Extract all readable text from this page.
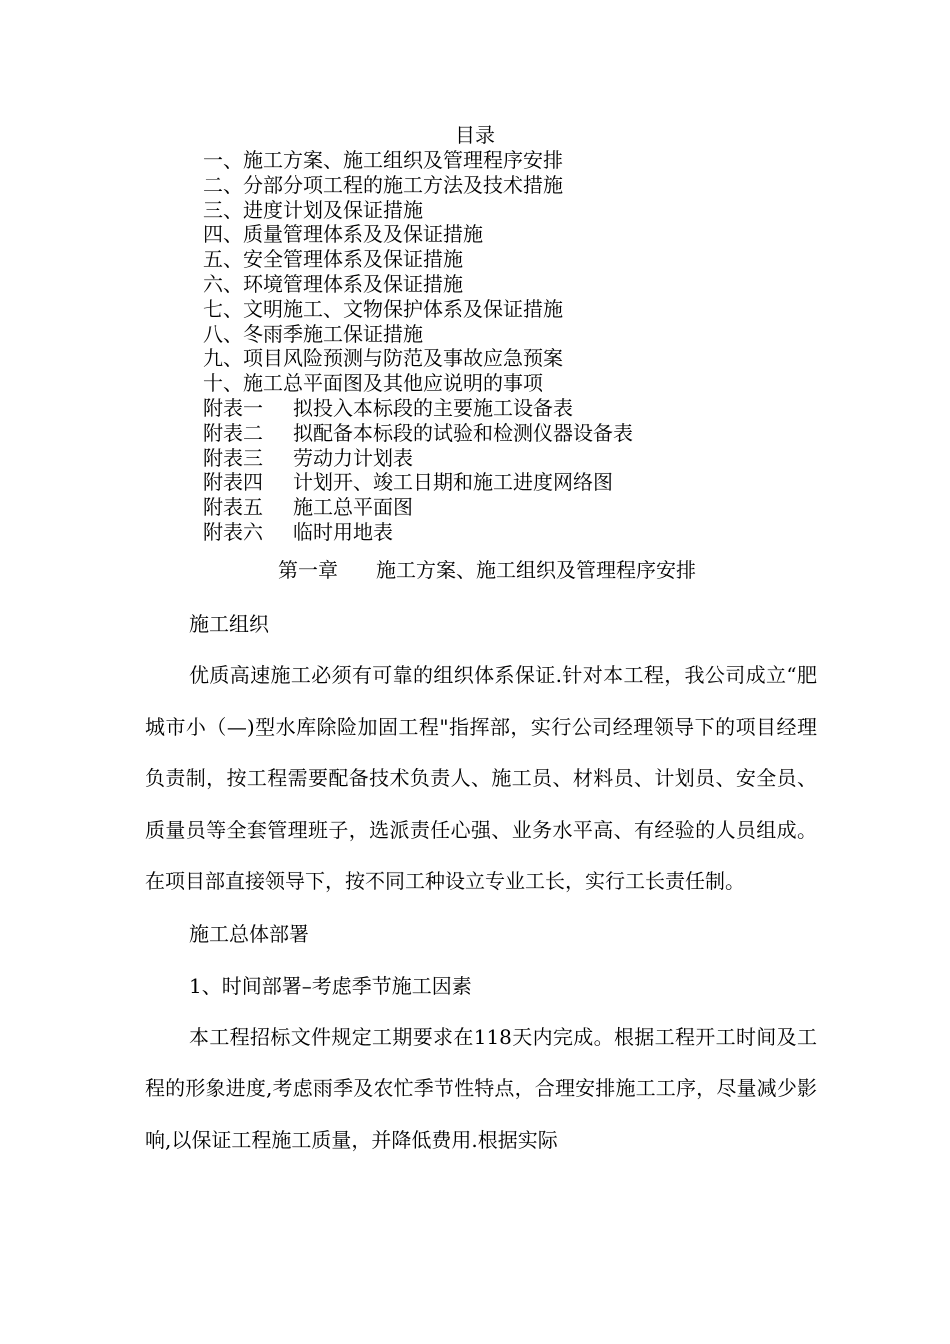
目录
一、施工方案、施工组织及管理程序安排
二、分部分项工程的施工方法及技术措施
三、进度计划及保证措施
四、质量管理体系及及保证措施
五、安全管理体系及保证措施
六、环境管理体系及保证措施
七、文明施工、文物保护体系及保证措施
八、冬雨季施工保证措施
九、项目风险预测与防范及事故应急预案
十、施工总平面图及其他应说明的事项
附表一 拟投入本标段的主要施工设备表
附表二 拟配备本标段的试验和检测仪器设备表
附表三 劳动力计划表
附表四 计划开、竣工日期和施工进度网络图
附表五 施工总平面图
附表六 临时用地表
第一章 施工方案、施工组织及管理程序安排
施工组织

优质高速施工必须有可靠的组织体系保证.针对本工程，我公司成立“肥城市小（—)型水库除险加固工程"指挥部，实行公司经理领导下的项目经理负责制，按工程需要配备技术负责人、施工员、材料员、计划员、安全员、质量员等全套管理班子，选派责任心强、业务水平高、有经验的人员组成。在项目部直接领导下，按不同工种设立专业工长，实行工长责任制。

施工总体部署
1、时间部署–考虑季节施工因素

本工程招标文件规定工期要求在118天内完成。根据工程开工时间及工程的形象进度,考虑雨季及农忙季节性特点，合理安排施工工序，尽量减少影响,以保证工程施工质量，并降低费用.根据实际
